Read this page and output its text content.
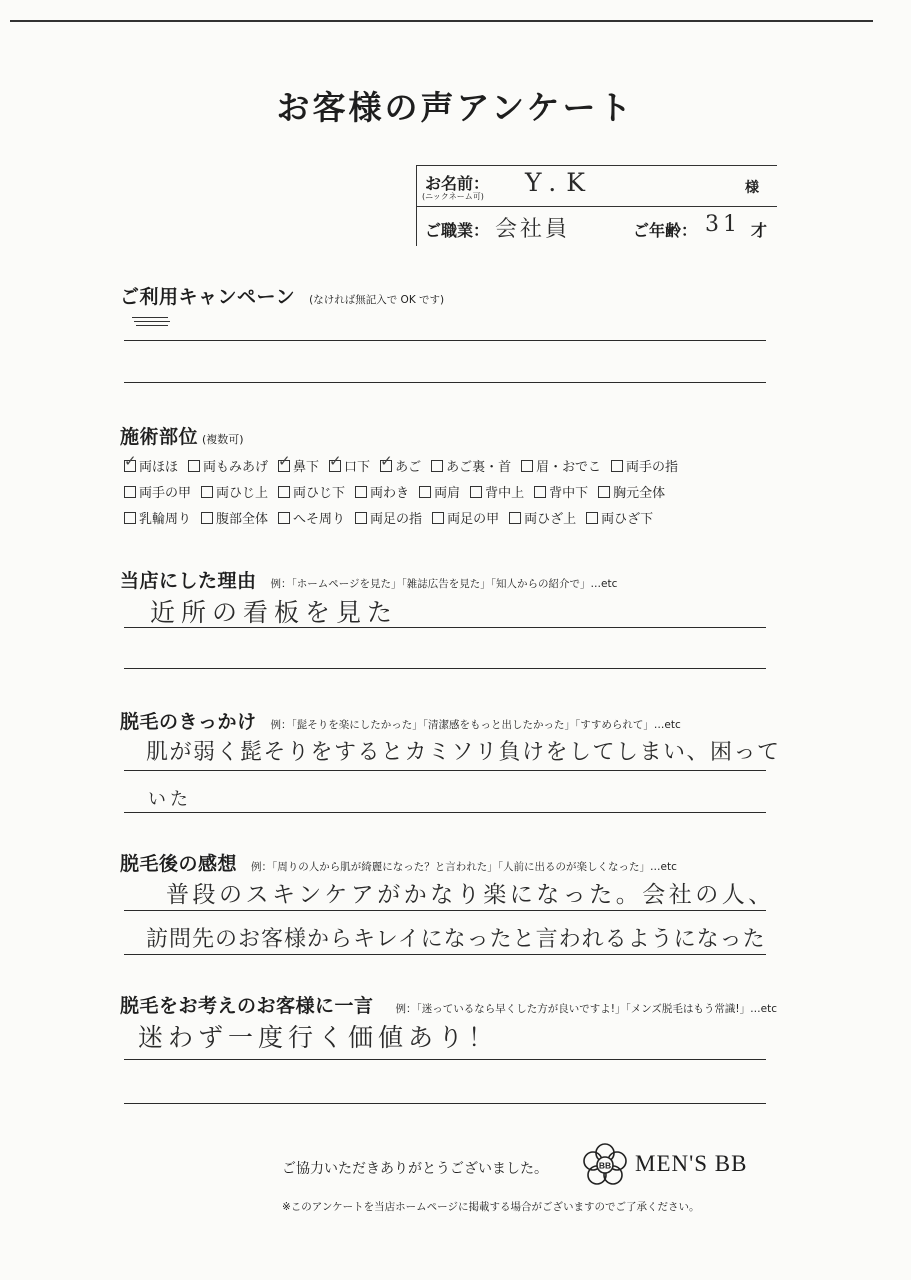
お客様の声アンケート
お名前：
(ニックネーム可) Y.K	様
ご職業： 会社員	ご年齢： 31 才
ご利用キャンペーン (なければ無記入で OK です)
施術部位 (複数可)
✓ 両ほほ 両もみあげ ✓ 鼻下 ✓ 口下 ✓ あご あご裏・首 眉・おでこ 両手の指
両手の甲 両ひじ上 両ひじ下 両わき 両肩 背中上 背中下 胸元全体
乳輪周り 腹部全体 へそ周り 両足の指 両足の甲 両ひざ上 両ひざ下
当店にした理由 例：「ホームページを見た」「雑誌広告を見た」「知人からの紹介で」…etc
近所の看板を見た
脱毛のきっかけ 例：「髭そりを楽にしたかった」「清潔感をもっと出したかった」「すすめられて」…etc
肌が弱く髭そりをするとカミソリ負けをしてしまい、困って
いた
脱毛後の感想 例：「周りの人から肌が綺麗になった？と言われた」「人前に出るのが楽しくなった」…etc
普段のスキンケアがかなり楽になった。会社の人、
訪問先のお客様からキレイになったと言われるようになった
脱毛をお考えのお客様に一言 例：「迷っているなら早くした方が良いですよ!」「メンズ脱毛はもう常識!」…etc
迷わず一度行く価値あり！
ご協力いただきありがとうございました。	BB MEN'S BB
※このアンケートを当店ホームページに掲載する場合がございますのでご了承ください。
